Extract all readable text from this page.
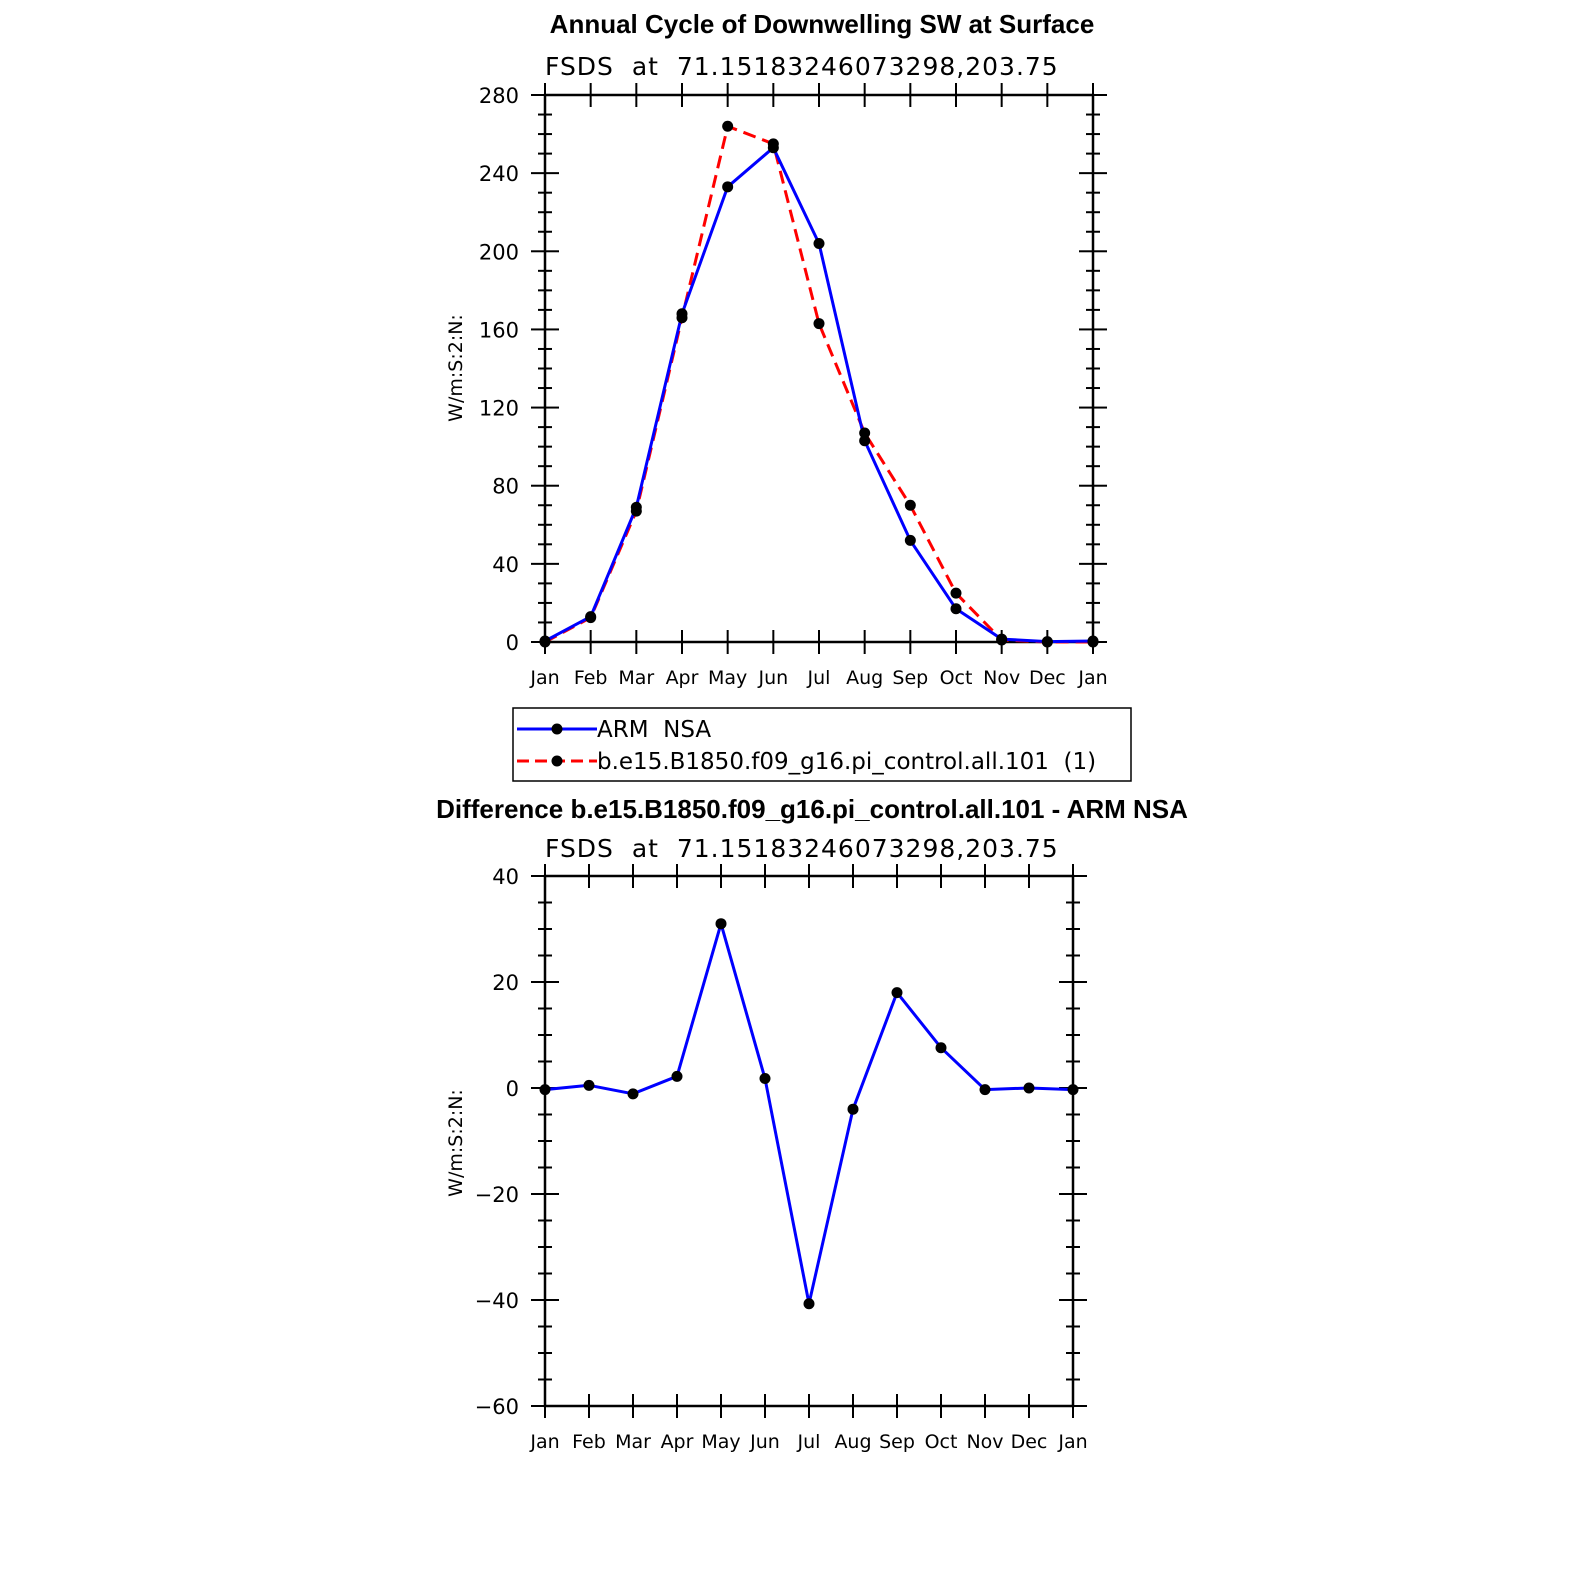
Annual Cycle of Downwelling SW at Surface
FSDS  at  71.15183246073298,203.75
W/m:S:2:N:
0
40
80
120
160
200
240
280
Jan Feb Mar Apr May Jun Jul Aug Sep Oct Nov Dec Jan
ARM  NSA
b.e15.B1850.f09_g16.pi_control.all.101  (1)
Difference b.e15.B1850.f09_g16.pi_control.all.101 - ARM NSA
FSDS  at  71.15183246073298,203.75
W/m:S:2:N:
−60
−40
−20
0
20
40
Jan Feb Mar Apr May Jun Jul Aug Sep Oct Nov Dec Jan
